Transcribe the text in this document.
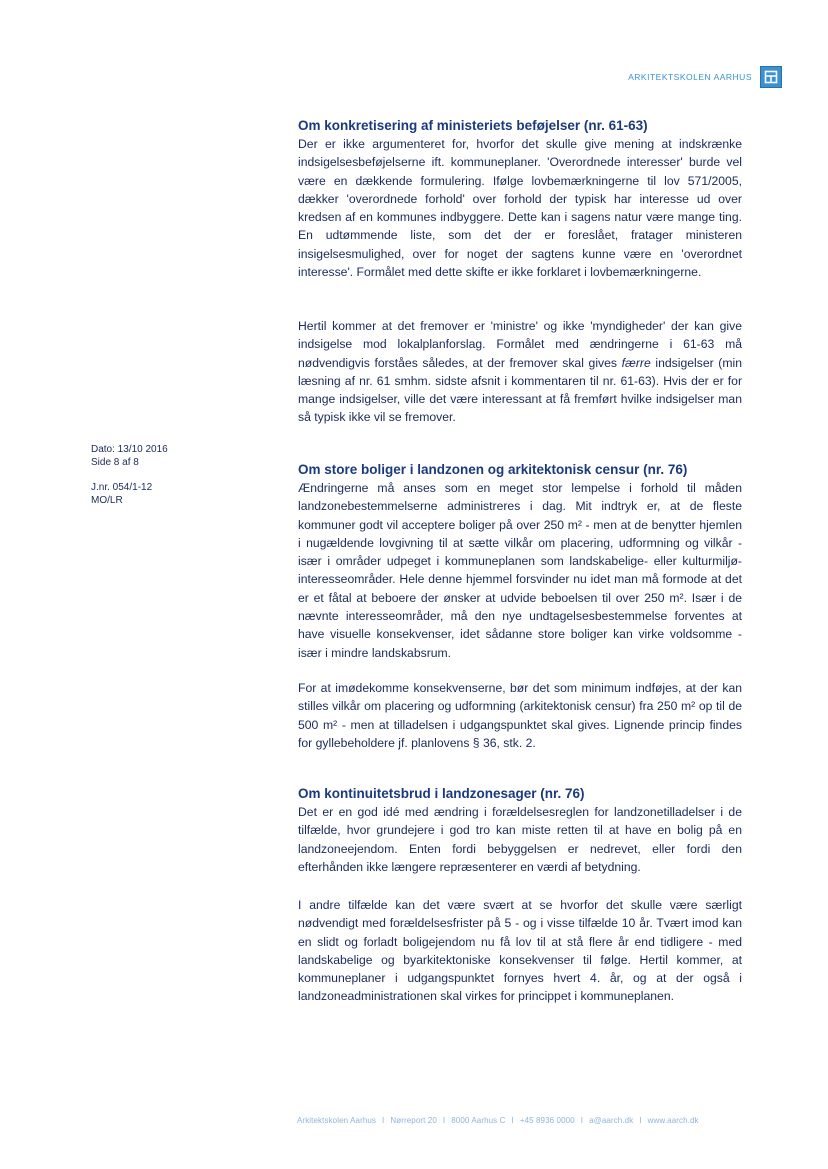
ARKITEKTSKOLEN AARHUS
Dato: 13/10 2016
Side 8 af 8
J.nr. 054/1-12
MO/LR
Om konkretisering af ministeriets beføjelser (nr. 61-63)

Der er ikke argumenteret for, hvorfor det skulle give mening at indskrænke indsigelsesbeføjelserne ift. kommuneplaner. 'Overordnede interesser' burde vel være en dækkende formulering. Ifølge lovbemærkningerne til lov 571/2005, dækker 'overordnede forhold' over forhold der typisk har interesse ud over kredsen af en kommunes indbyggere. Dette kan i sagens natur være mange ting. En udtømmende liste, som det der er foreslået, fratager ministeren insigelsesmulighed, over for noget der sagtens kunne være en 'overordnet interesse'. Formålet med dette skifte er ikke forklaret i lovbemærkningerne.

Hertil kommer at det fremover er 'ministre' og ikke 'myndigheder' der kan give indsigelse mod lokalplanforslag. Formålet med ændringerne i 61-63 må nødvendigvis forståes således, at der fremover skal gives færre indsigelser (min læsning af nr. 61 smhm. sidste afsnit i kommentaren til nr. 61-63). Hvis der er for mange indsigelser, ville det være interessant at få fremført hvilke indsigelser man så typisk ikke vil se fremover.

Om store boliger i landzonen og arkitektonisk censur (nr. 76)

Ændringerne må anses som en meget stor lempelse i forhold til måden landzonebestemmelserne administreres i dag. Mit indtryk er, at de fleste kommuner godt vil acceptere boliger på over 250 m² - men at de benytter hjemlen i nugældende lovgivning til at sætte vilkår om placering, udformning og vilkår - især i områder udpeget i kommuneplanen som landskabelige- eller kulturmiljø-interesseområder. Hele denne hjemmel forsvinder nu idet man må formode at det er et fåtal at beboere der ønsker at udvide beboelsen til over 250 m². Især i de nævnte interesseområder, må den nye undtagelsesbestemmelse forventes at have visuelle konsekvenser, idet sådanne store boliger kan virke voldsomme - især i mindre landskabsrum.

For at imødekomme konsekvenserne, bør det som minimum indføjes, at der kan stilles vilkår om placering og udformning (arkitektonisk censur) fra 250 m² op til de 500 m² - men at tilladelsen i udgangspunktet skal gives. Lignende princip findes for gyllebeholdere jf. planlovens § 36, stk. 2.

Om kontinuitetsbrud i landzonesager (nr. 76)

Det er en god idé med ændring i forældelsesreglen for landzonetilladelser i de tilfælde, hvor grundejere i god tro kan miste retten til at have en bolig på en landzoneejendom. Enten fordi bebyggelsen er nedrevet, eller fordi den efterhånden ikke længere repræsenterer en værdi af betydning.

I andre tilfælde kan det være svært at se hvorfor det skulle være særligt nødvendigt med forældelsesfrister på 5 - og i visse tilfælde 10 år. Tvært imod kan en slidt og forladt boligejendom nu få lov til at stå flere år end tidligere - med landskabelige og byarkitektoniske konsekvenser til følge. Hertil kommer, at kommuneplaner i udgangspunktet fornyes hvert 4. år, og at der også i landzoneadministrationen skal virkes for princippet i kommuneplanen.

Arkitektskolen Aarhus I Nørreport 20 I 8000 Aarhus C I +45 8936 0000 I a@aarch.dk I www.aarch.dk
